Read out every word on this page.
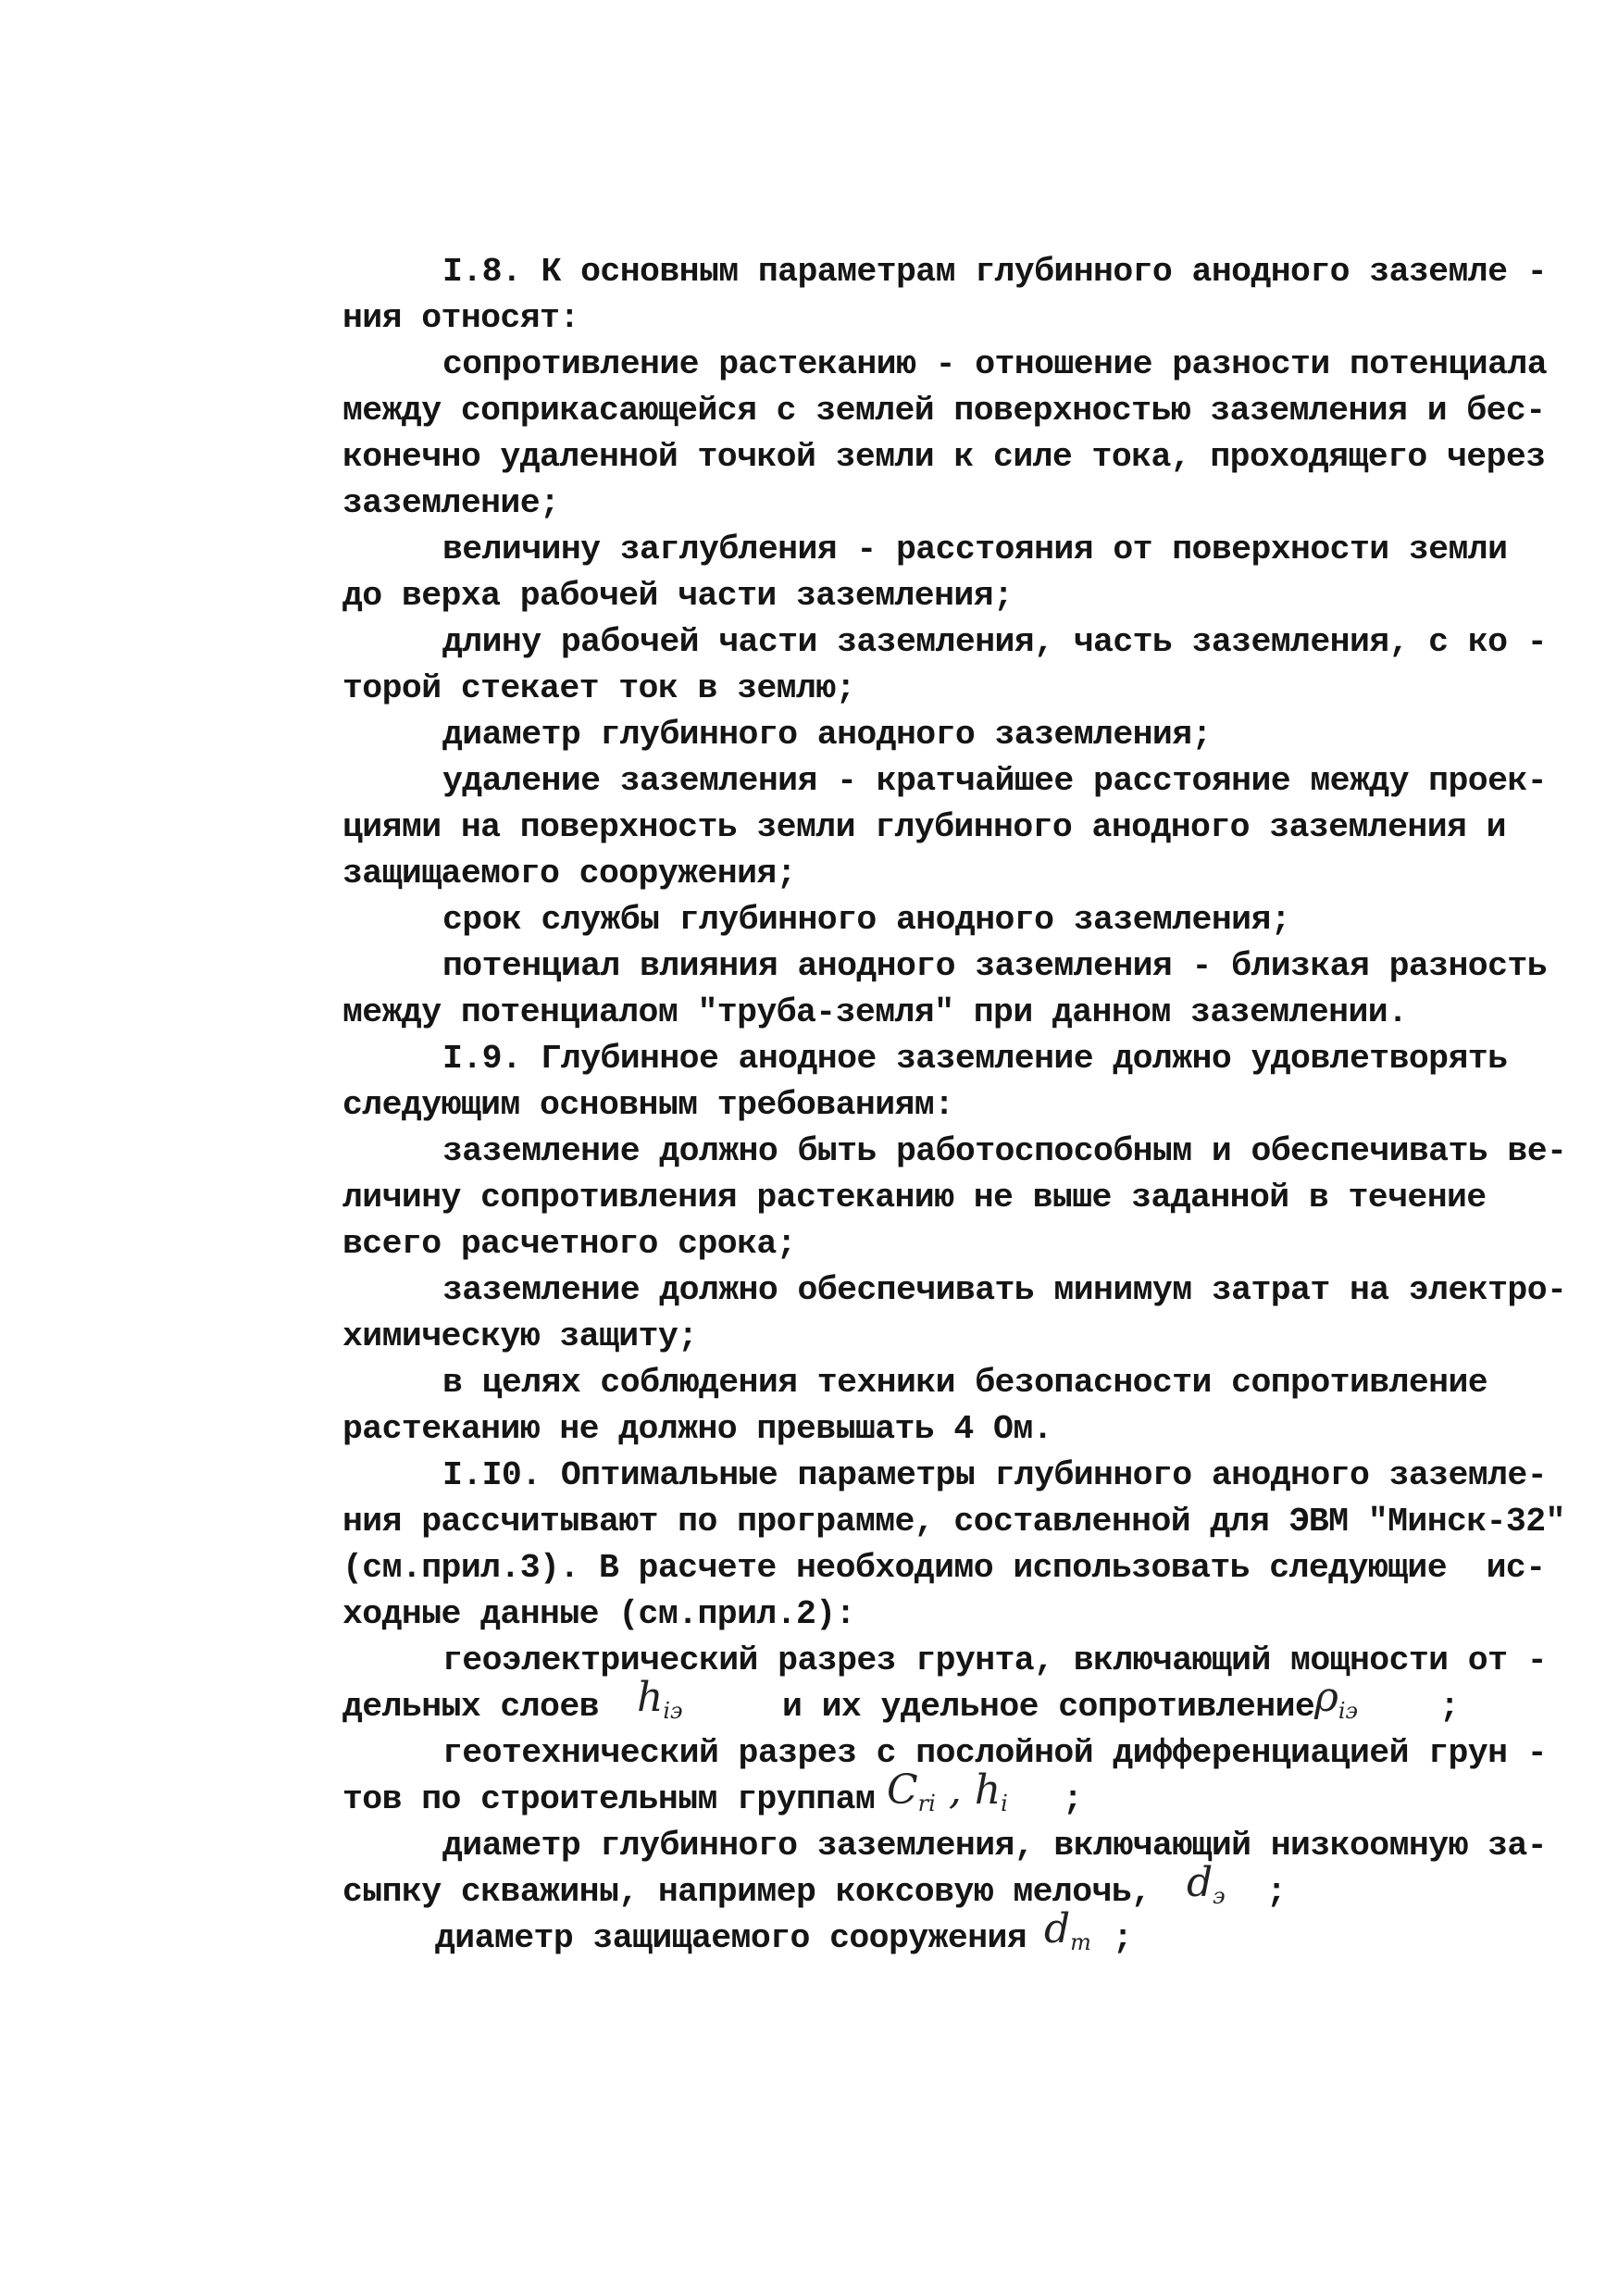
I.8. К основным параметрам глубинного анодного заземле -
ния относят:
сопротивление растеканию - отношение разности потенциала
между соприкасающейся с землей поверхностью заземления и бес-
конечно удаленной точкой земли к силе тока, проходящего через
заземление;
величину заглубления - расстояния от поверхности земли
до верха рабочей части заземления;
длину рабочей части заземления, часть заземления, с ко -
торой стекает ток в землю;
диаметр глубинного анодного заземления;
удаление заземления - кратчайшее расстояние между проек-
циями на поверхность земли глубинного анодного заземления и
защищаемого сооружения;
срок службы глубинного анодного заземления;
потенциал влияния анодного заземления - близкая разность
между потенциалом "труба-земля" при данном заземлении.
I.9. Глубинное анодное заземление должно удовлетворять
следующим основным требованиям:
заземление должно быть работоспособным и обеспечивать ве-
личину сопротивления растеканию не выше заданной в течение
всего расчетного срока;
заземление должно обеспечивать минимум затрат на электро-
химическую защиту;
в целях соблюдения техники безопасности сопротивление
растеканию не должно превышать 4 Ом.
I.I0. Оптимальные параметры глубинного анодного заземле-
ния рассчитывают по программе, составленной для ЭВМ "Минск-32"
(см.прил.3). В расчете необходимо использовать следующие  ис-
ходные данные (см.прил.2):
геоэлектрический разрез грунта, включающий мощности от -
дельных слоев $h_{iэ}$	и их удельное сопротивление $\rho_{iэ}$ ;
геотехнический разрез с послойной дифференциацией грун -
тов по строительным группам $C_{ri}$ , $h_i$ ;
диаметр глубинного заземления, включающий низкоомную за-
сыпку скважины, например коксовую мелочь, $d_э$ ;
диаметр защищаемого сооружения $d_т$ ;
